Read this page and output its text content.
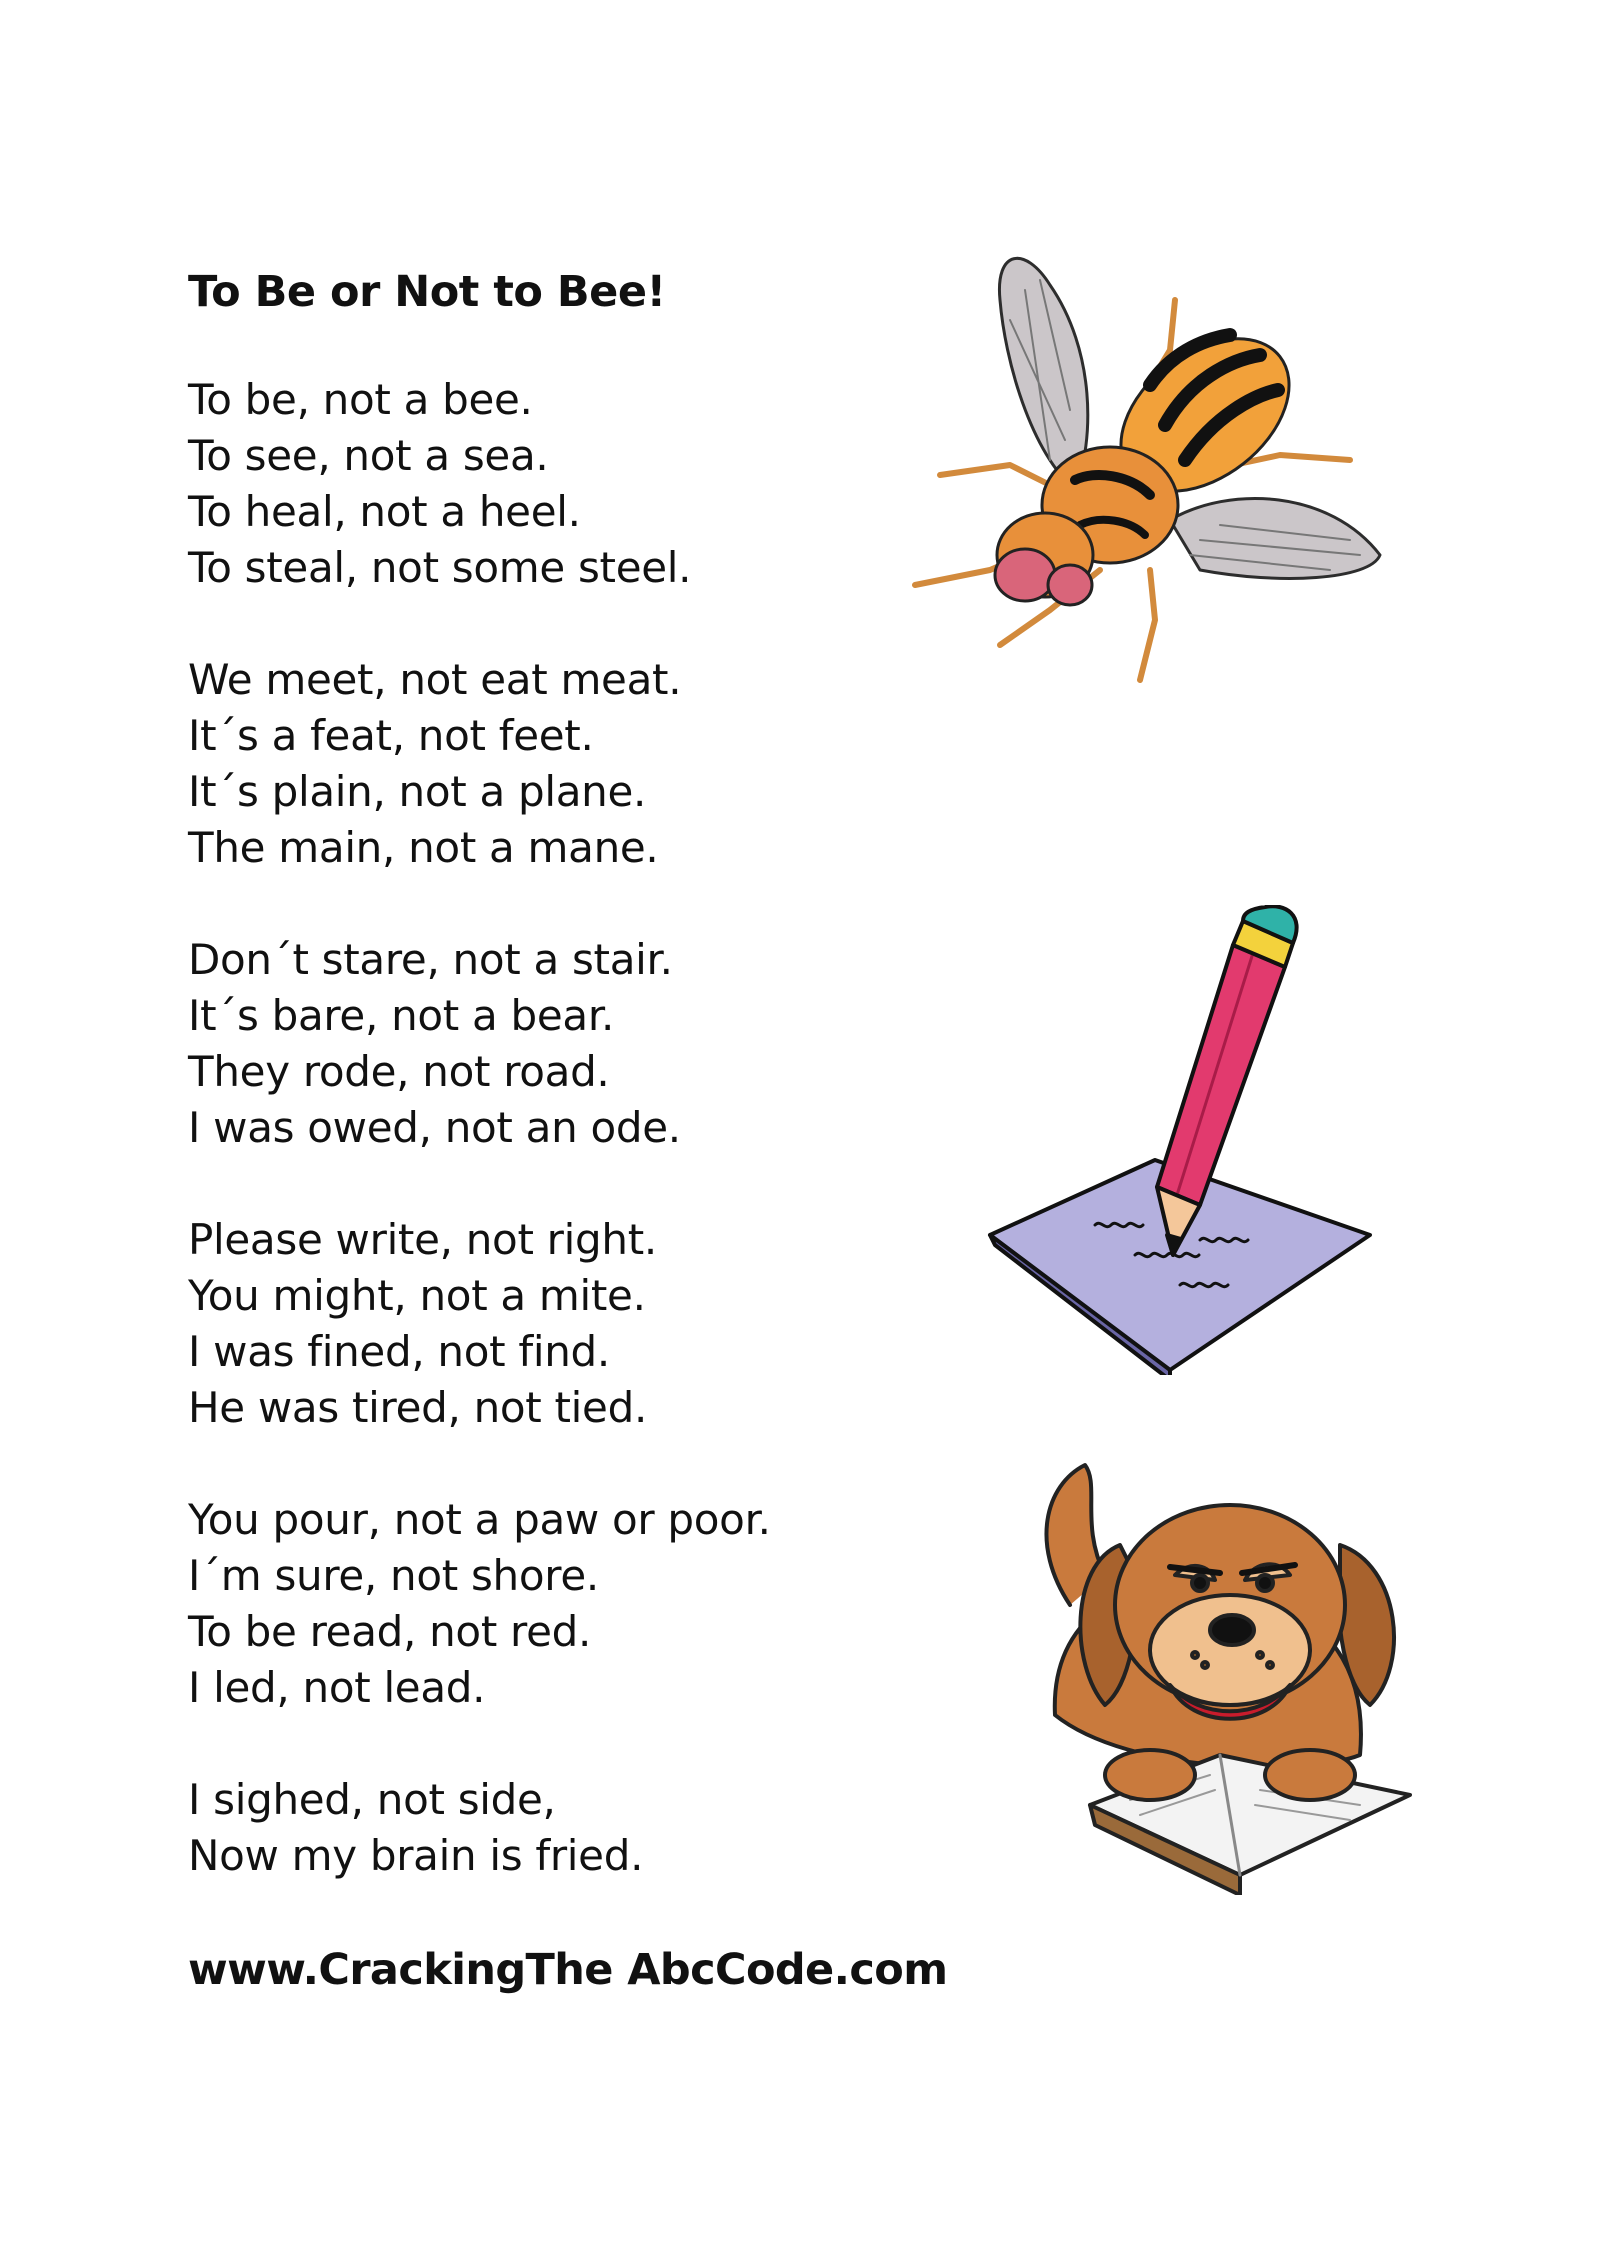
To Be or Not to Bee!
To be, not a bee.
To see, not a sea.
To heal, not a heel.
To steal, not some steel.
We meet, not eat meat.
It´s a feat, not feet.
It´s plain, not a plane.
The main, not a mane.
Don´t stare, not a stair.
It´s bare, not a bear.
They rode, not road.
I was owed, not an ode.
Please write, not right.
You might, not a mite.
I was fined, not find.
He was tired, not tied.
You pour, not a paw or poor.
I´m sure, not shore.
To be read, not red.
I led, not lead.
I sighed, not side,
Now my brain is fried.
www.CrackingThe AbcCode.com
